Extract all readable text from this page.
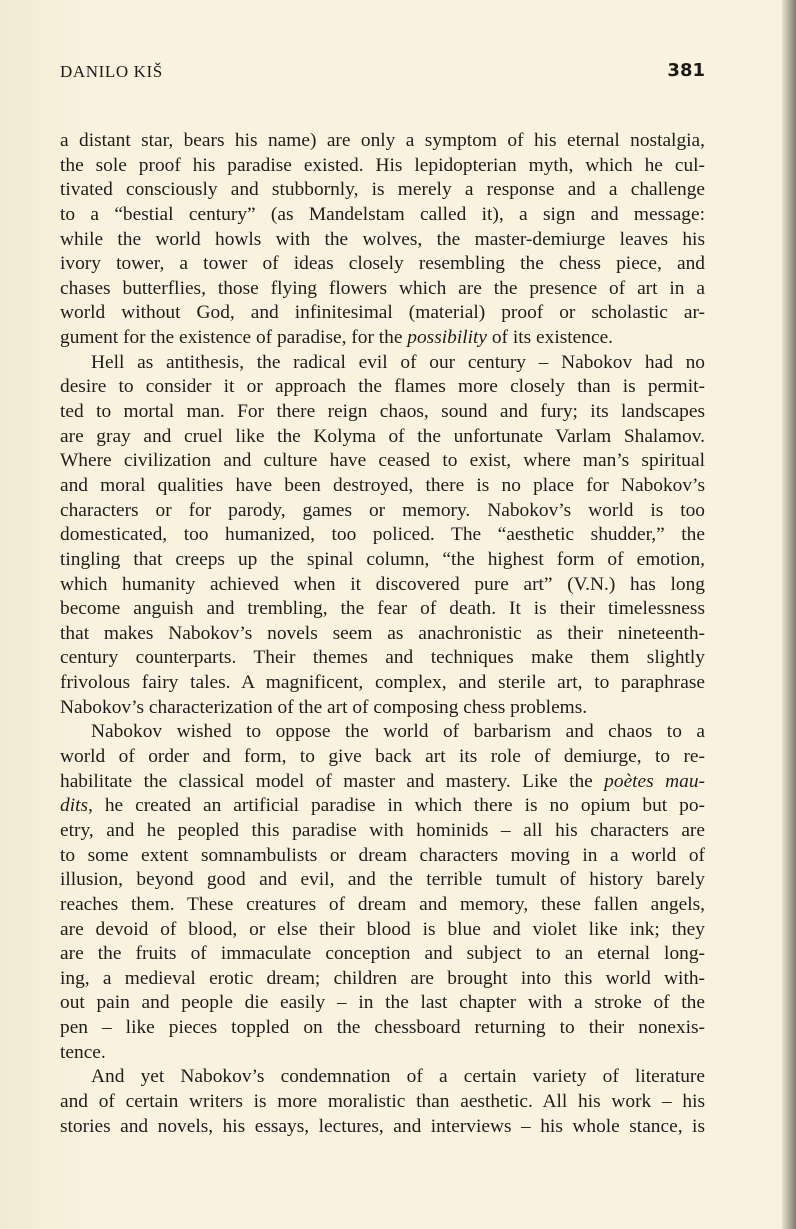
DANILO KIŠ	381
a distant star, bears his name) are only a symptom of his eternal nostalgia,
the sole proof his paradise existed. His lepidopterian myth, which he cul-
tivated consciously and stubbornly, is merely a response and a challenge
to a “bestial century” (as Mandelstam called it), a sign and message:
while the world howls with the wolves, the master-demiurge leaves his
ivory tower, a tower of ideas closely resembling the chess piece, and
chases butterflies, those flying flowers which are the presence of art in a
world without God, and infinitesimal (material) proof or scholastic ar-
gument for the existence of paradise, for the possibility of its existence.
Hell as antithesis, the radical evil of our century – Nabokov had no
desire to consider it or approach the flames more closely than is permit-
ted to mortal man. For there reign chaos, sound and fury; its landscapes
are gray and cruel like the Kolyma of the unfortunate Varlam Shalamov.
Where civilization and culture have ceased to exist, where man’s spiritual
and moral qualities have been destroyed, there is no place for Nabokov’s
characters or for parody, games or memory. Nabokov’s world is too
domesticated, too humanized, too policed. The “aesthetic shudder,” the
tingling that creeps up the spinal column, “the highest form of emotion,
which humanity achieved when it discovered pure art” (V.N.) has long
become anguish and trembling, the fear of death. It is their timelessness
that makes Nabokov’s novels seem as anachronistic as their nineteenth-
century counterparts. Their themes and techniques make them slightly
frivolous fairy tales. A magnificent, complex, and sterile art, to paraphrase
Nabokov’s characterization of the art of composing chess problems.
Nabokov wished to oppose the world of barbarism and chaos to a
world of order and form, to give back art its role of demiurge, to re-
habilitate the classical model of master and mastery. Like the poètes mau-
dits, he created an artificial paradise in which there is no opium but po-
etry, and he peopled this paradise with hominids – all his characters are
to some extent somnambulists or dream characters moving in a world of
illusion, beyond good and evil, and the terrible tumult of history barely
reaches them. These creatures of dream and memory, these fallen angels,
are devoid of blood, or else their blood is blue and violet like ink; they
are the fruits of immaculate conception and subject to an eternal long-
ing, a medieval erotic dream; children are brought into this world with-
out pain and people die easily – in the last chapter with a stroke of the
pen – like pieces toppled on the chessboard returning to their nonexis-
tence.
And yet Nabokov’s condemnation of a certain variety of literature
and of certain writers is more moralistic than aesthetic. All his work – his
stories and novels, his essays, lectures, and interviews – his whole stance, is
